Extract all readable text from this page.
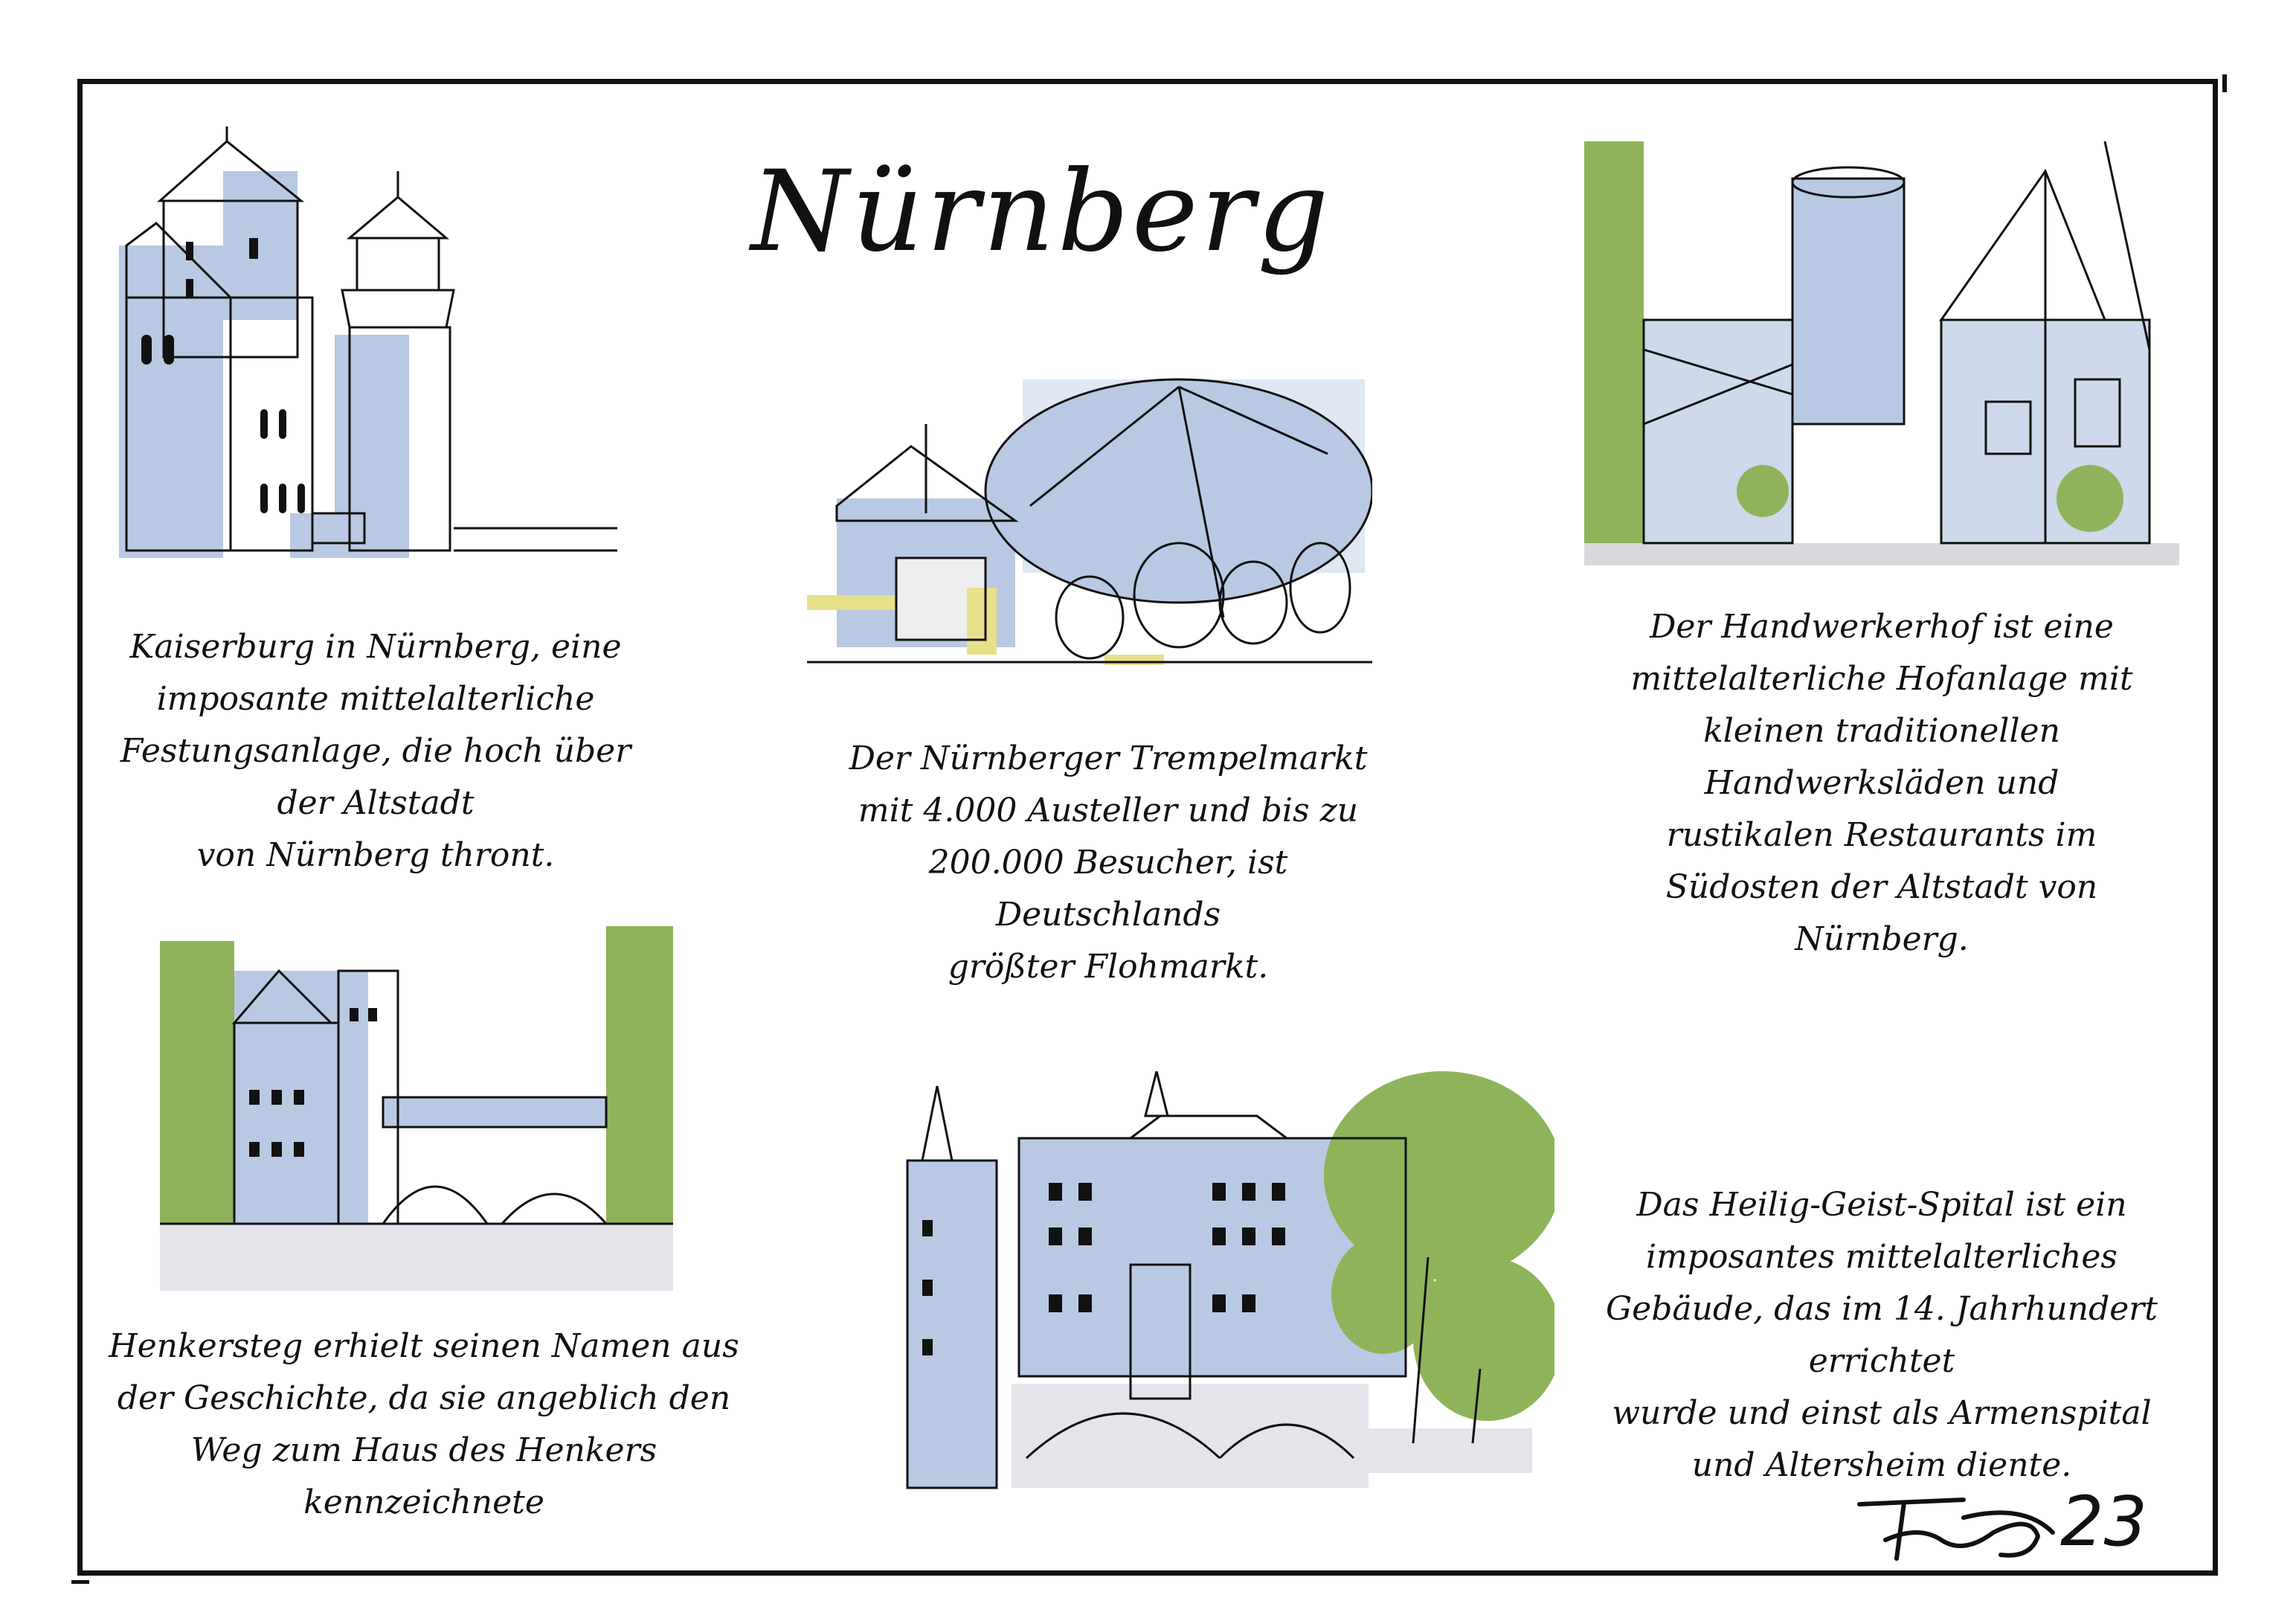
Nürnberg
Kaiserburg in Nürnberg, eine
imposante mittelalterliche
Festungsanlage, die hoch über
der Altstadt
von Nürnberg thront.
Der Nürnberger Trempelmarkt
mit 4.000 Austeller und bis zu
200.000 Besucher, ist
Deutschlands
größter Flohmarkt.
Der Handwerkerhof ist eine
mittelalterliche Hofanlage mit
kleinen traditionellen
Handwerksläden und
rustikalen Restaurants im
Südosten der Altstadt von
Nürnberg.
Henkersteg erhielt seinen Namen aus
der Geschichte, da sie angeblich den
Weg zum Haus des Henkers
kennzeichnete
Das Heilig-Geist-Spital ist ein
imposantes mittelalterliches
Gebäude, das im 14. Jahrhundert
errichtet
wurde und einst als Armenspital
und Altersheim diente.
23
